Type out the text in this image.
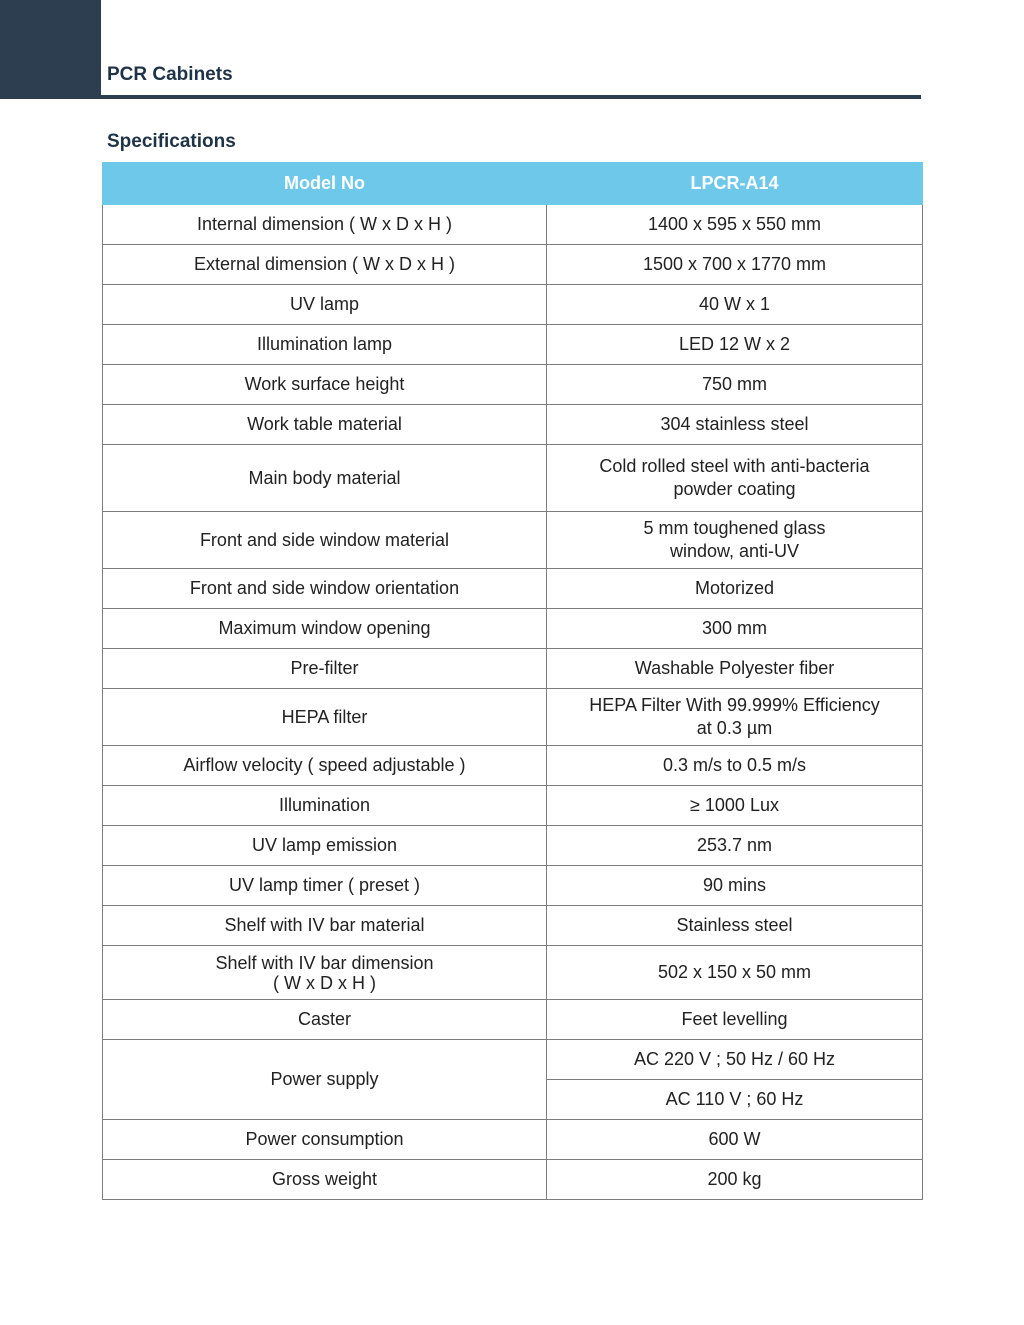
PCR Cabinets
Specifications
Model No	LPCR-A14
Internal dimension ( W x D x H )	1400 x 595 x 550 mm
External dimension ( W x D x H )	1500 x 700 x 1770 mm
UV lamp	40 W x 1
Illumination lamp	LED 12 W x 2
Work surface height	750 mm
Work table material	304 stainless steel
Main body material	Cold rolled steel with anti-bacteria
powder coating

Front and side window material	5 mm toughened glass
window, anti-UV

Front and side window orientation	Motorized
Maximum window opening	300 mm
Pre-filter	Washable Polyester fiber
HEPA filter	HEPA Filter With 99.999% Efficiency
at 0.3 µm

Airflow velocity ( speed adjustable )	0.3 m/s to 0.5 m/s
Illumination	≥ 1000 Lux
UV lamp emission	253.7 nm
UV lamp timer ( preset )	90 mins
Shelf with IV bar material	Stainless steel

Shelf with IV bar dimension
( W x D x H )	502 x 150 x 50 mm
Caster	Feet levelling
Power supply	AC 220 V ; 50 Hz / 60 Hz
	AC 110 V ; 60 Hz
Power consumption	600 W
Gross weight	200 kg
